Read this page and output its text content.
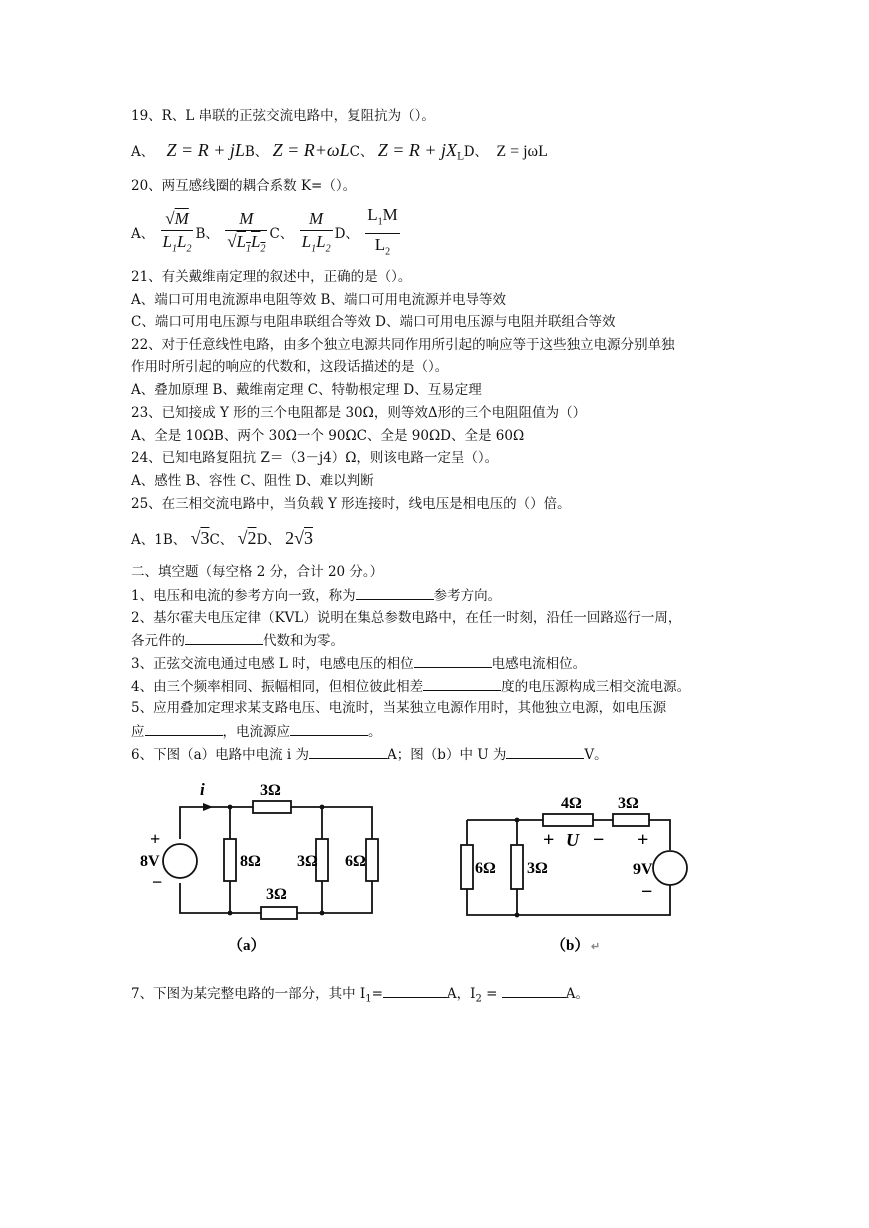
19、R、L 串联的正弦交流电路中，复阻抗为（）。
A、 Z = R + jLB、 Z = R+ωLC、 $Z = R + jX_LD$、 Z = jωL
20、两互感线圈的耦合系数 K=（）。
A、 $\frac{√M}{L_1L_2}$ B、 $\frac{M}{√L_1L_2}$ C、 $\frac{M}{L_1L_2}$ D、 $\frac{L_1M}{L_2}$
21、有关戴维南定理的叙述中，正确的是（）。
A、端口可用电流源串电阻等效 B、端口可用电流源并电导等效
C、端口可用电压源与电阻串联组合等效 D、端口可用电压源与电阻并联组合等效
22、对于任意线性电路，由多个独立电源共同作用所引起的响应等于这些独立电源分别单独
作用时所引起的响应的代数和，这段话描述的是（）。
A、叠加原理 B、戴维南定理 C、特勒根定理 D、互易定理
23、已知接成 Y 形的三个电阻都是 30Ω，则等效Δ形的三个电阻阻值为（）
A、全是 10ΩB、两个 30Ω一个 90ΩC、全是 90ΩD、全是 60Ω
24、已知电路复阻抗 Z＝（3－j4）Ω，则该电路一定呈（）。
A、感性 B、容性 C、阻性 D、难以判断
25、在三相交流电路中，当负载 Y 形连接时，线电压是相电压的（）倍。
A、1B、 √3C、 √2D、 2√3
二、填空题（每空格 2 分，合计 20 分。）
1、电压和电流的参考方向一致，称为	参考方向。
2、基尔霍夫电压定律（KVL）说明在集总参数电路中，在任一时刻，沿任一回路巡行一周，
各元件的	代数和为零。
3、正弦交流电通过电感 L 时，电感电压的相位	电感电流相位。
4、由三个频率相同、振幅相同，但相位彼此相差	度的电压源构成三相交流电源。
5、应用叠加定理求某支路电压、电流时，当某独立电源作用时，其他独立电源，如电压源
应	，电流源应	。
6、下图（a）电路中电流 i 为	A；图（b）中 U 为	V。
i	3Ω
3Ω
8Ω 3Ω 6Ω
+
8V
−
（a）
4Ω 3Ω
6Ω 3Ω
+ U − +
9V
−
（b） ↵
7、下图为某完整电路的一部分，其中 $I_1=$	A，$I_2$ =	A。
